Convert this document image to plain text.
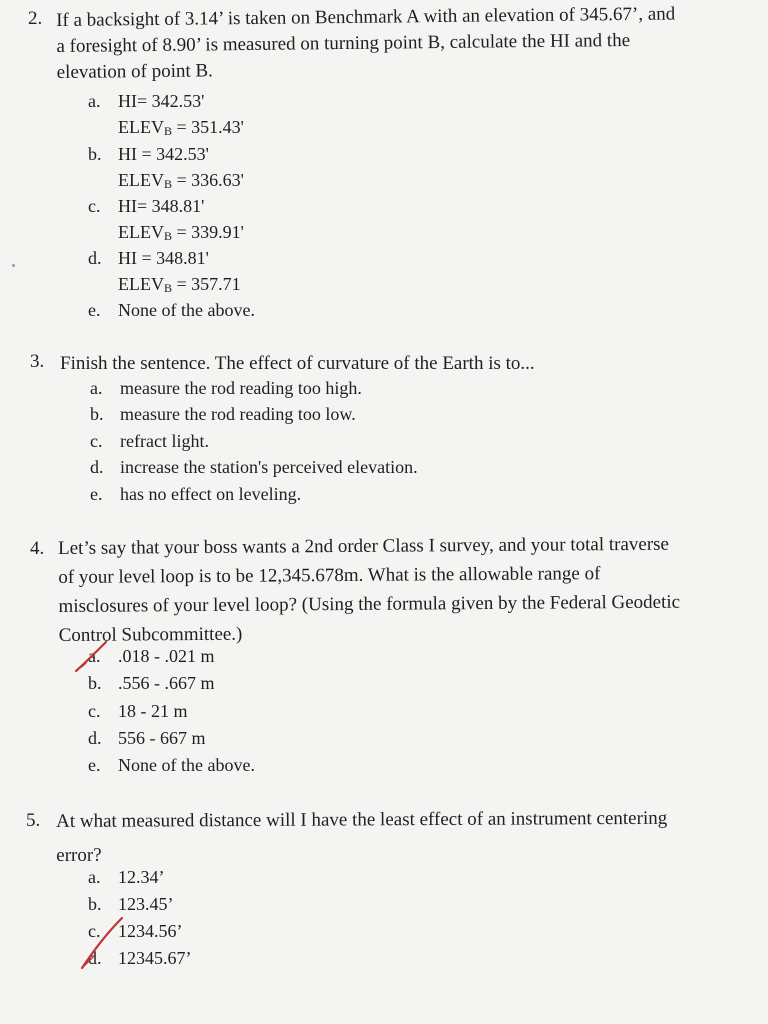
2. If a backsight of 3.14’ is taken on Benchmark A with an elevation of 345.67’, and
a foresight of 8.90’ is measured on turning point B, calculate the HI and the
elevation of point B.
a. HI= 342.53'
ELEVB = 351.43'
b. HI = 342.53'
ELEVB = 336.63'
c. HI= 348.81'
ELEVB = 339.91'
d. HI = 348.81'
ELEVB = 357.71
e. None of the above.
3. Finish the sentence. The effect of curvature of the Earth is to...
a. measure the rod reading too high.
b. measure the rod reading too low.
c. refract light.
d. increase the station's perceived elevation.
e. has no effect on leveling.
4. Let’s say that your boss wants a 2nd order Class I survey, and your total traverse
of your level loop is to be 12,345.678m. What is the allowable range of
misclosures of your level loop? (Using the formula given by the Federal Geodetic
Control Subcommittee.)
a. .018 - .021 m
b. .556 - .667 m
c. 18 - 21 m
d. 556 - 667 m
e. None of the above.
5. At what measured distance will I have the least effect of an instrument centering
error?
a. 12.34’
b. 123.45’
c. 1234.56’
d. 12345.67’
